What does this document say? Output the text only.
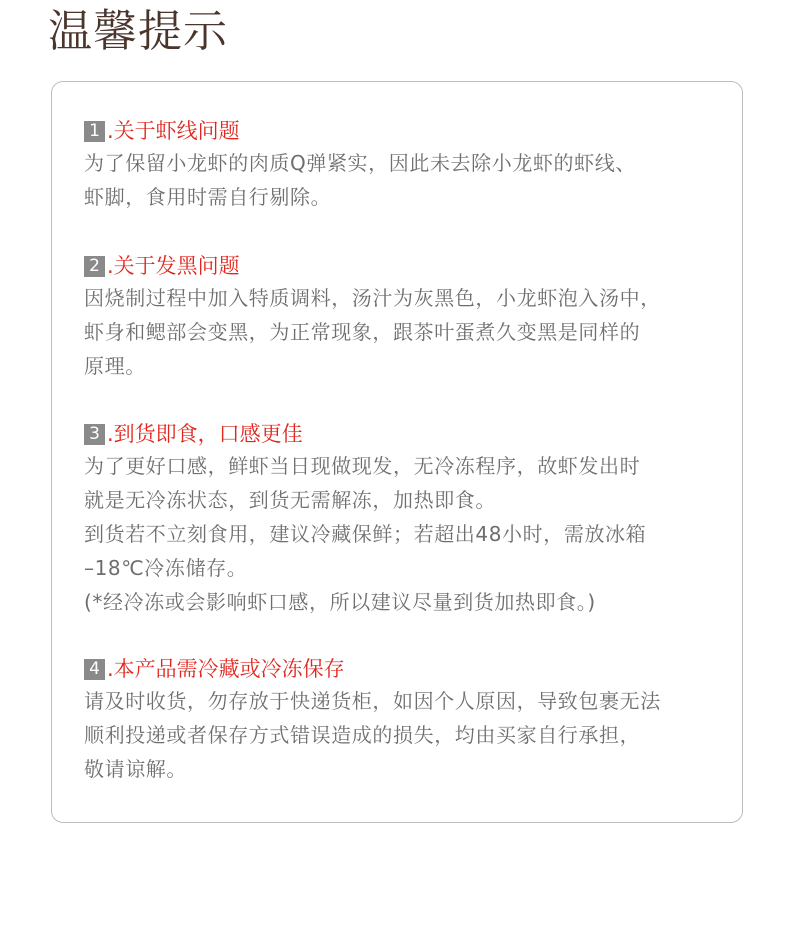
温馨提示
1 .关于虾线问题
为了保留小龙虾的肉质Q弹紧实，因此未去除小龙虾的虾线、
虾脚，食用时需自行剔除。
2 .关于发黑问题
因烧制过程中加入特质调料，汤汁为灰黑色，小龙虾泡入汤中，
虾身和鳃部会变黑，为正常现象，跟茶叶蛋煮久变黑是同样的
原理。
3 .到货即食，口感更佳
为了更好口感，鲜虾当日现做现发，无冷冻程序，故虾发出时
就是无冷冻状态，到货无需解冻，加热即食。
到货若不立刻食用，建议冷藏保鲜；若超出48小时，需放冰箱
–18℃冷冻储存。
(*经冷冻或会影响虾口感，所以建议尽量到货加热即食。)
4 .本产品需冷藏或冷冻保存
请及时收货，勿存放于快递货柜，如因个人原因，导致包裹无法
顺利投递或者保存方式错误造成的损失，均由买家自行承担，
敬请谅解。
